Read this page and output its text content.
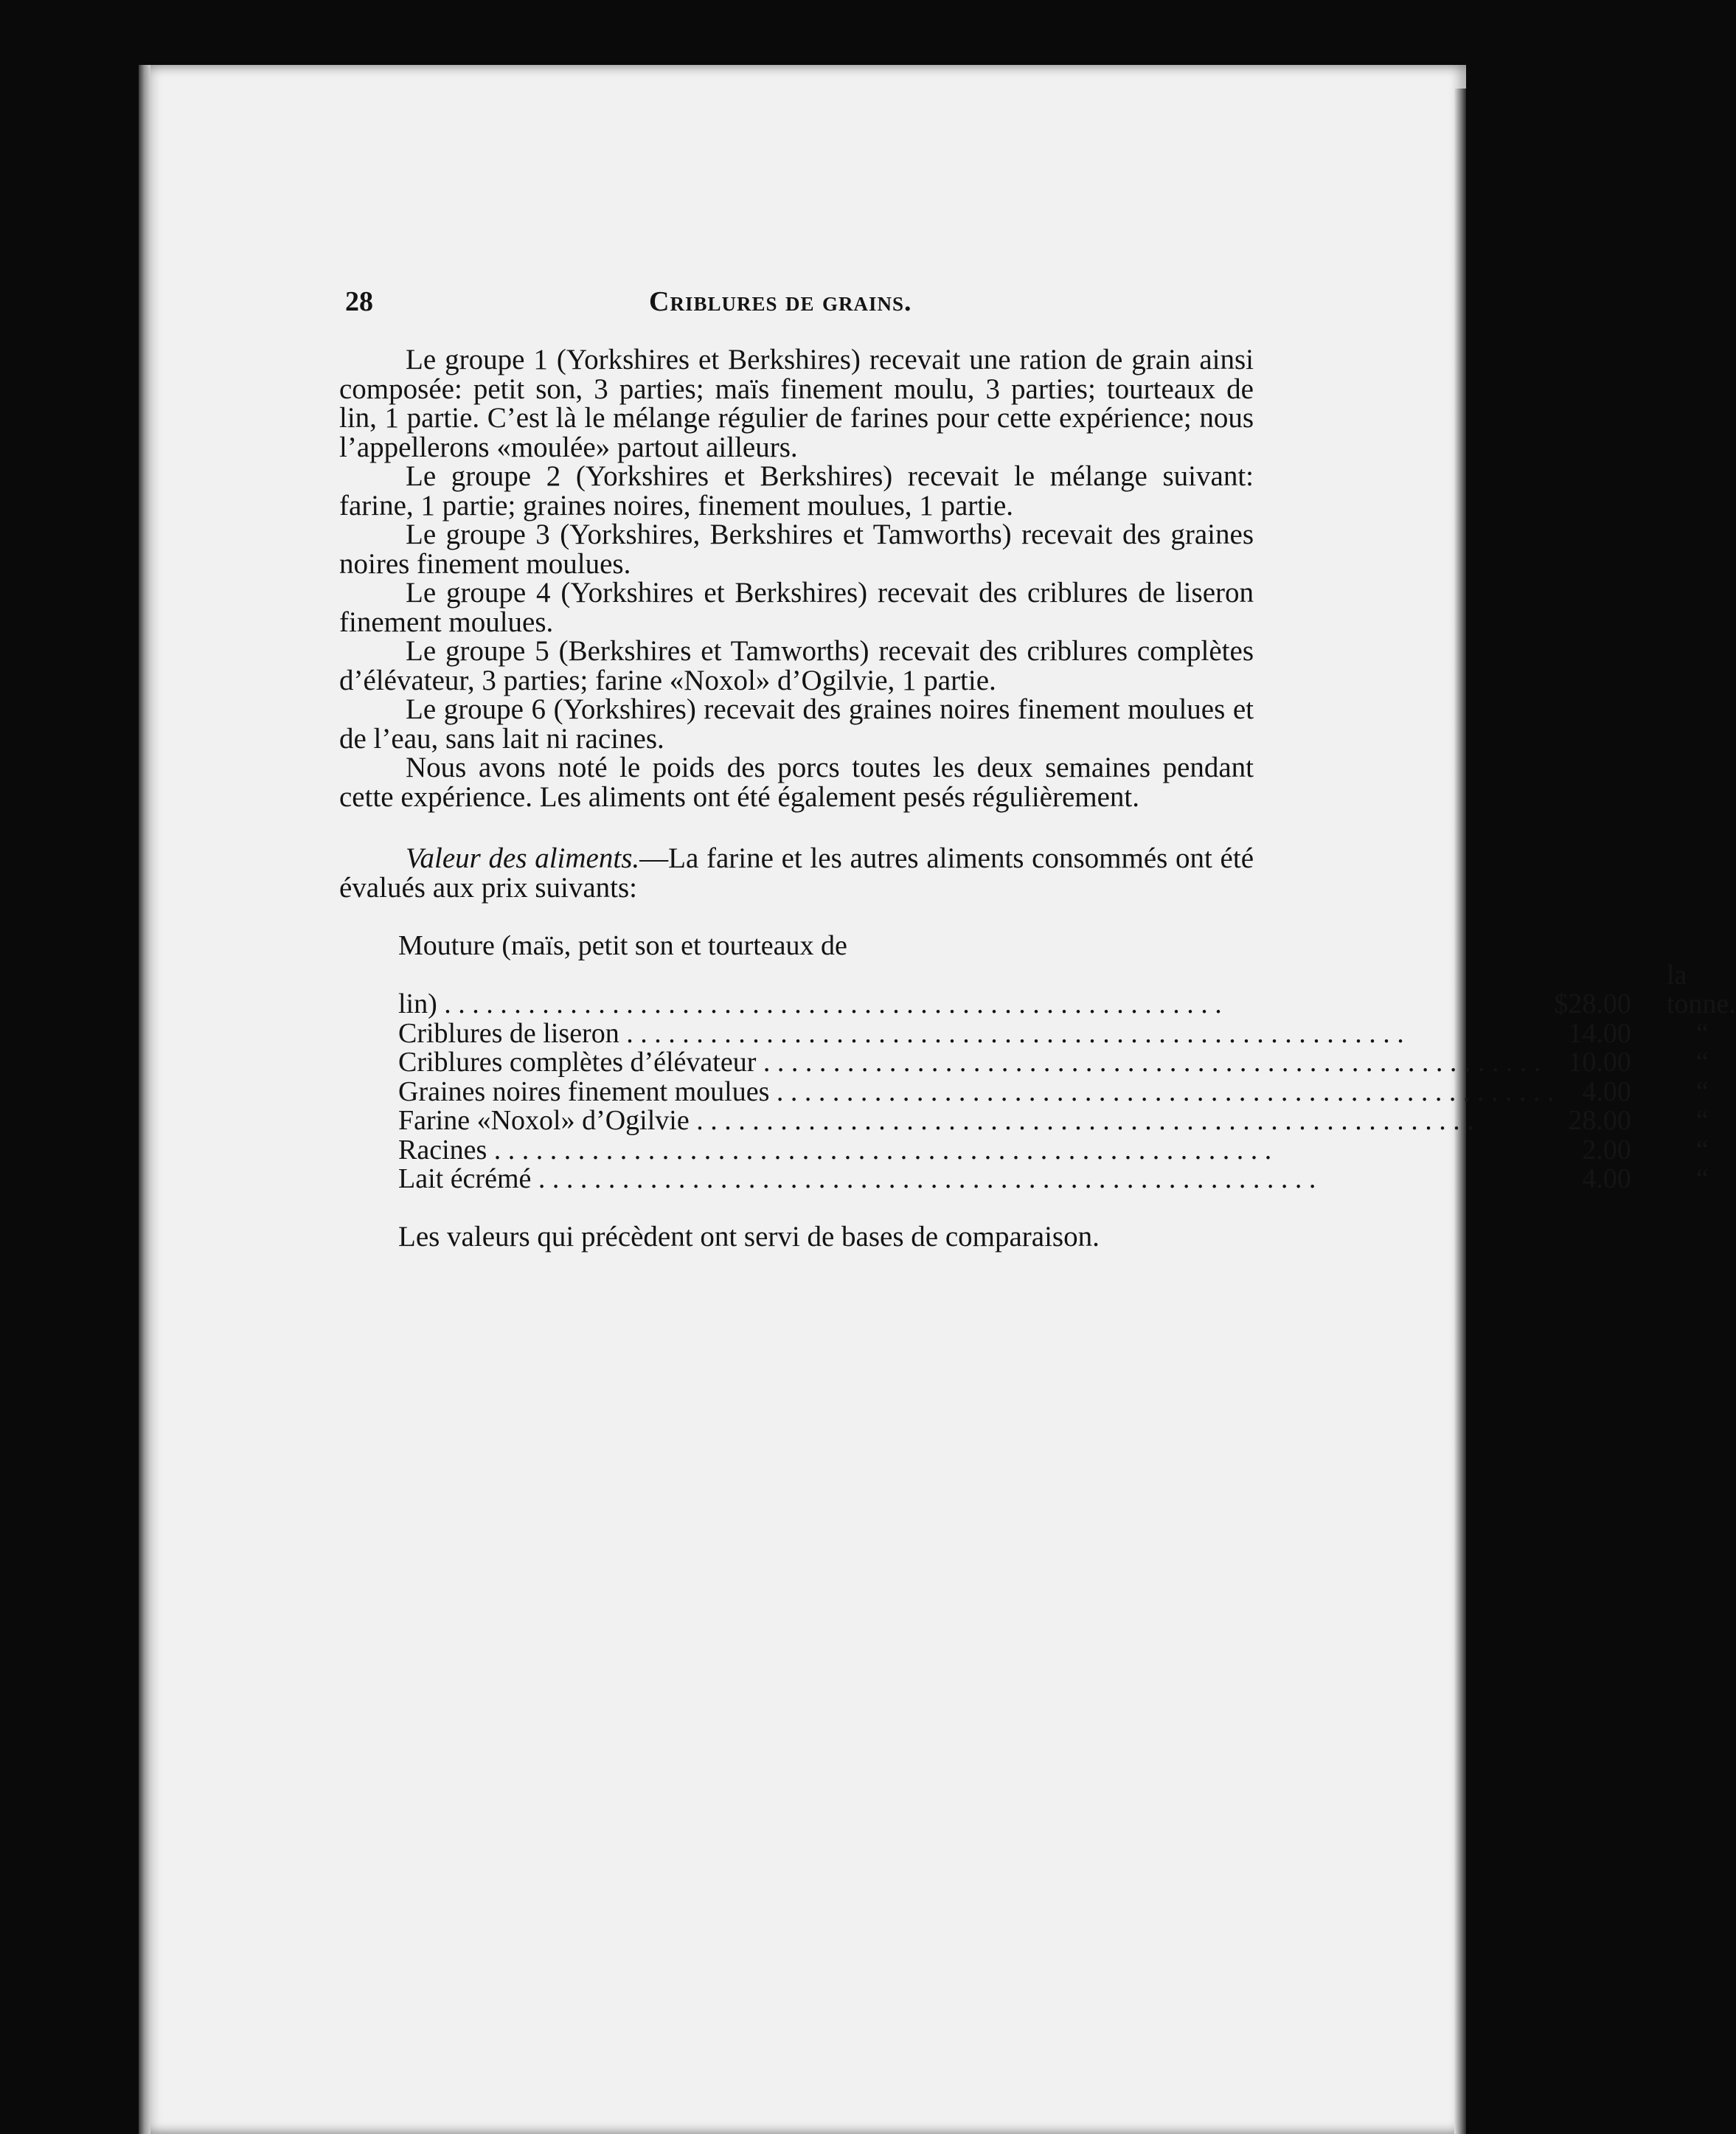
28	Criblures de grains.

Le groupe 1 (Yorkshires et Berkshires) recevait une ration de grain ainsi composée: petit son, 3 parties; maïs finement moulu, 3 parties; tourteaux de lin, 1 partie. C’est là le mélange régulier de farines pour cette expérience; nous l’appellerons «moulée» partout ailleurs.

Le groupe 2 (Yorkshires et Berkshires) recevait le mélange suivant: farine, 1 partie; graines noires, finement moulues, 1 partie.

Le groupe 3 (Yorkshires, Berkshires et Tamworths) recevait des graines noires finement moulues.

Le groupe 4 (Yorkshires et Berkshires) recevait des criblures de liseron finement moulues.

Le groupe 5 (Berkshires et Tamworths) recevait des criblures complètes d’élévateur, 3 parties; farine «Noxol» d’Ogilvie, 1 partie.

Le groupe 6 (Yorkshires) recevait des graines noires finement moulues et de l’eau, sans lait ni racines.

Nous avons noté le poids des porcs toutes les deux semaines pendant cette expérience. Les aliments ont été également pesés régulièrement.

Valeur des aliments.—La farine et les autres aliments consommés ont été évalués aux prix suivants:

Mouture (maïs, petit son et tourteaux de		
lin) . . .	$28.00	la tonne.
Criblures de liseron . . .	14.00	“
Criblures complètes d’élévateur . . .	10.00	“
Graines noires finement moulues . . .	4.00	“
Farine «Noxol» d’Ogilvie . . .	28.00	“
Racines . . .	2.00	“
Lait écrémé . . .	4.00	“

Les valeurs qui précèdent ont servi de bases de comparaison.
